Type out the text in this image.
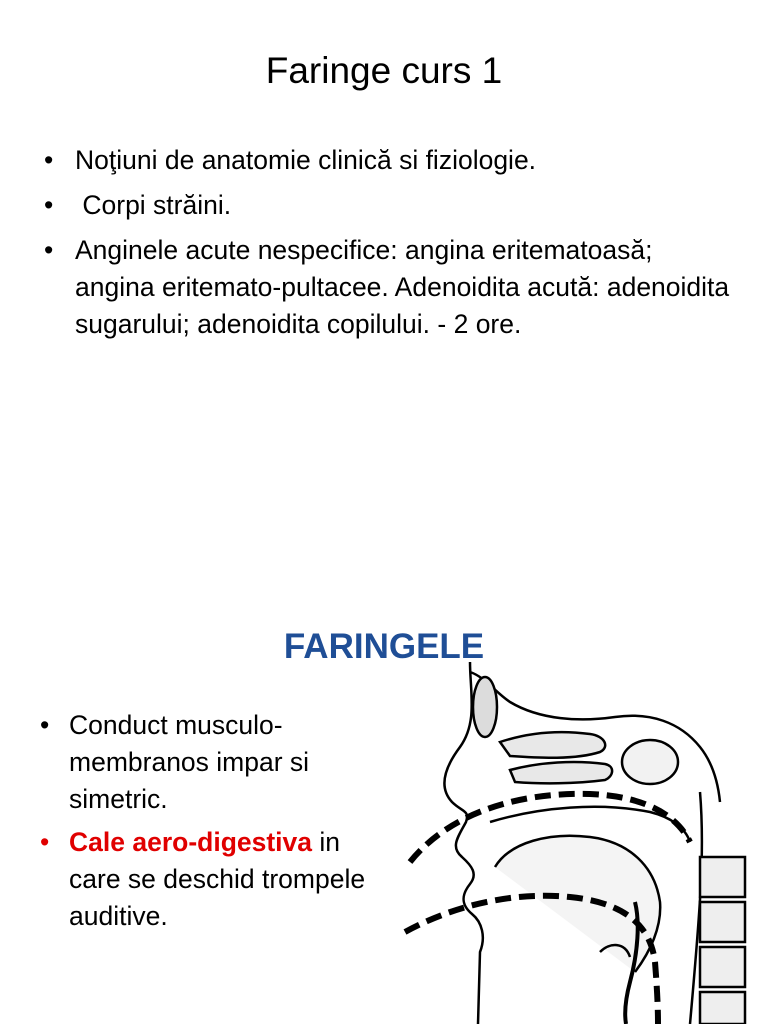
Faringe curs 1
• Noţiuni de anatomie clinică si fiziologie.
• Corpi străini.
• Anginele acute nespecifice: angina eritematoasă; angina eritemato-pultacee. Adenoidita acută: adenoidita sugarului; adenoidita copilului. - 2 ore.
FARINGELE
• Conduct musculo-membranos impar si simetric.
• Cale aero-digestiva in care se deschid trompele auditive.
